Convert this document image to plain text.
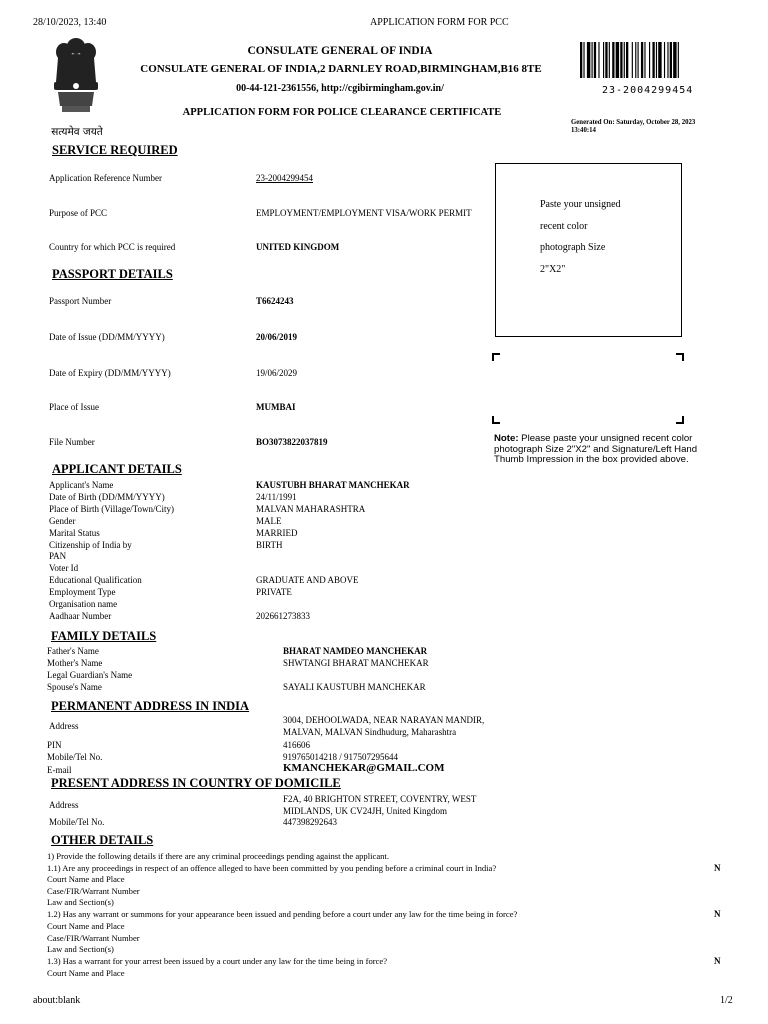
28/10/2023, 13:40	APPLICATION FORM FOR PCC
about:blank	1/2
सत्यमेव जयते
CONSULATE GENERAL OF INDIA
CONSULATE GENERAL OF INDIA,2 DARNLEY ROAD,BIRMINGHAM,B16 8TE
00-44-121-2361556, http://cgibirmingham.gov.in/
APPLICATION FORM FOR POLICE CLEARANCE CERTIFICATE
23-2004299454
Generated On: Saturday, October 28, 2023
13:40:14
Paste your unsigned
recent color
photograph Size
2"X2"
Note: Please paste your unsigned recent color photograph Size 2"X2" and Signature/Left Hand Thumb Impression in the box provided above.
SERVICE REQUIRED
Application Reference Number	23-2004299454
Purpose of PCC	EMPLOYMENT/EMPLOYMENT VISA/WORK PERMIT
Country for which PCC is required	UNITED KINGDOM
PASSPORT DETAILS
Passport Number	T6624243
Date of Issue (DD/MM/YYYY)	20/06/2019
Date of Expiry (DD/MM/YYYY)	19/06/2029
Place of Issue	MUMBAI
File Number	BO3073822037819
APPLICANT DETAILS
Applicant's Name	KAUSTUBH BHARAT MANCHEKAR
Date of Birth (DD/MM/YYYY)	24/11/1991
Place of Birth (Village/Town/City)	MALVAN MAHARASHTRA
Gender	MALE
Marital Status	MARRIED
Citizenship of India by	BIRTH
PAN
Voter Id
Educational Qualification	GRADUATE AND ABOVE
Employment Type	PRIVATE
Organisation name
Aadhaar Number	202661273833
FAMILY DETAILS
Father's Name	BHARAT NAMDEO MANCHEKAR
Mother's Name	SHWTANGI BHARAT MANCHEKAR
Legal Guardian's Name
Spouse's Name	SAYALI KAUSTUBH MANCHEKAR
PERMANENT ADDRESS IN INDIA
Address
3004, DEHOOLWADA, NEAR NARAYAN MANDIR,
MALVAN, MALVAN Sindhudurg, Maharashtra
PIN	416606
Mobile/Tel No.	919765014218 / 917507295644
E-mail	KMANCHEKAR@GMAIL.COM
PRESENT ADDRESS IN COUNTRY OF DOMICILE
Address
F2A, 40 BRIGHTON STREET, COVENTRY, WEST
MIDLANDS, UK CV24JH, United Kingdom
Mobile/Tel No.	447398292643
OTHER DETAILS
1) Provide the following details if there are any criminal proceedings pending against the applicant.
1.1) Are any proceedings in respect of an offence alleged to have been committed by you pending before a criminal court in India?	N
Court Name and Place
Case/FIR/Warrant Number
Law and Section(s)
1.2) Has any warrant or summons for your appearance been issued and pending before a court under any law for the time being in force?	N
Court Name and Place
Case/FIR/Warrant Number
Law and Section(s)
1.3) Has a warrant for your arrest been issued by a court under any law for the time being in force?	N
Court Name and Place
